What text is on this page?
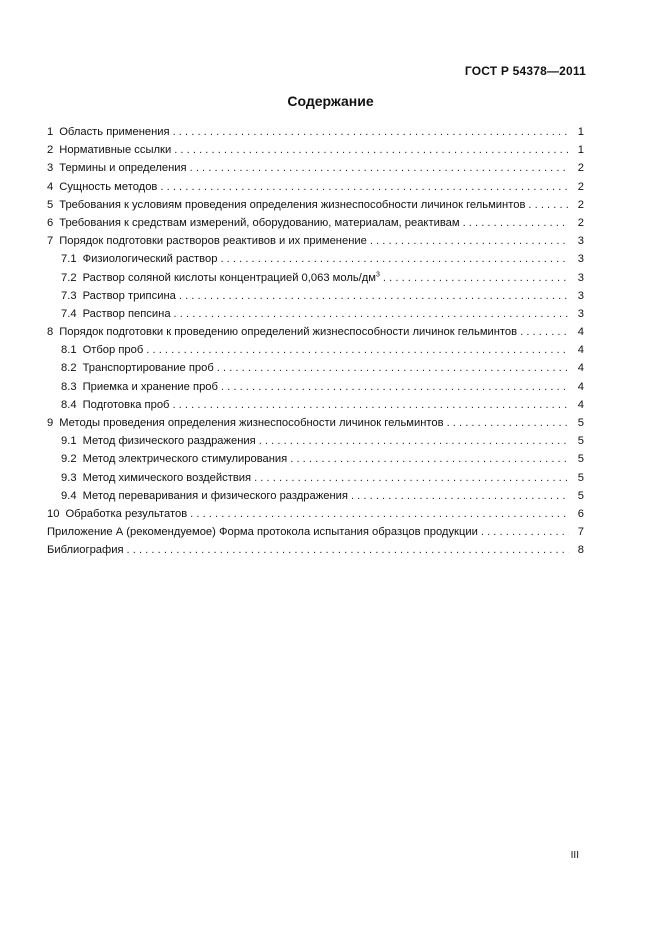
ГОСТ Р 54378—2011
Содержание
1 Область применения . . .	1
2 Нормативные ссылки . . .	1
3 Термины и определения . . .	2
4 Сущность методов . . .	2
5 Требования к условиям проведения определения жизнеспособности личинок гельминтов . . .	2
6 Требования к средствам измерений, оборудованию, материалам, реактивам . . .	2
7 Порядок подготовки растворов реактивов и их применение . . .	3
7.1 Физиологический раствор . . .	3
7.2 Раствор соляной кислоты концентрацией 0,063 моль/$дм^3$ . . .	3
7.3 Раствор трипсина . . .	3
7.4 Раствор пепсина . . .	3
8 Порядок подготовки к проведению определений жизнеспособности личинок гельминтов . . .	4
8.1 Отбор проб . . .	4
8.2 Транспортирование проб . . .	4
8.3 Приемка и хранение проб . . .	4
8.4 Подготовка проб . . .	4
9 Методы проведения определения жизнеспособности личинок гельминтов . . .	5
9.1 Метод физического раздражения . . .	5
9.2 Метод электрического стимулирования . . .	5
9.3 Метод химического воздействия . . .	5
9.4 Метод переваривания и физического раздражения . . .	5
10 Обработка результатов . . .	6
Приложение А (рекомендуемое) Форма протокола испытания образцов продукции . . .	7
Библиография . . .	8
III
